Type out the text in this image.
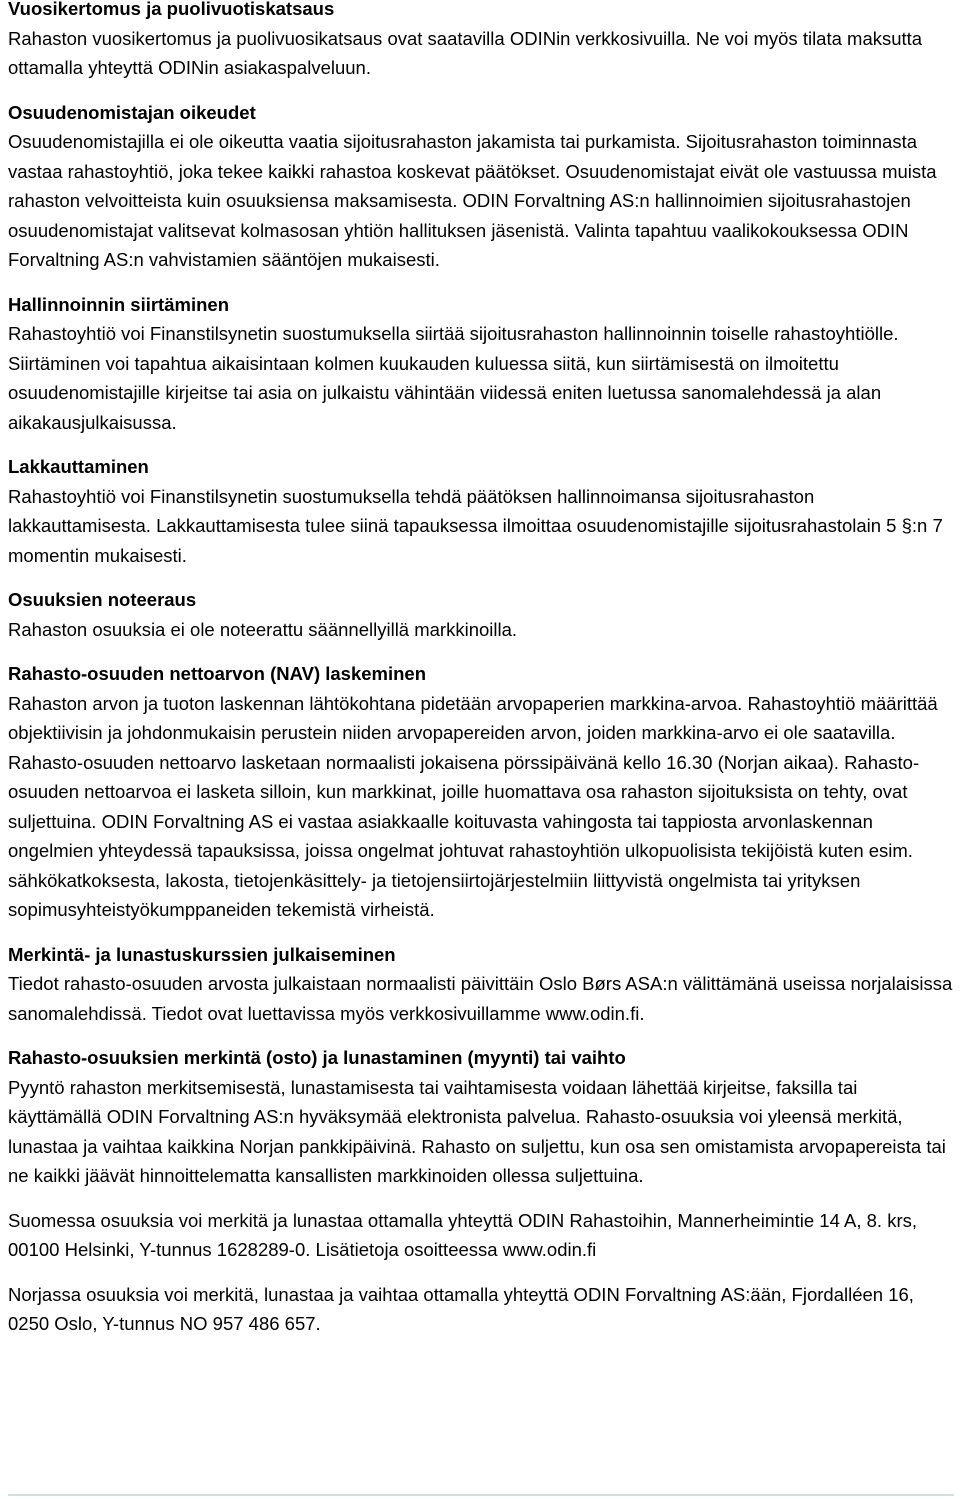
Vuosikertomus ja puolivuotiskatsaus

Rahaston vuosikertomus ja puolivuosikatsaus ovat saatavilla ODINin verkkosivuilla. Ne voi myös tilata maksutta ottamalla yhteyttä ODINin asiakaspalveluun.

Osuudenomistajan oikeudet

Osuudenomistajilla ei ole oikeutta vaatia sijoitusrahaston jakamista tai purkamista. Sijoitusrahaston toiminnasta vastaa rahastoyhtiö, joka tekee kaikki rahastoa koskevat päätökset. Osuudenomistajat eivät ole vastuussa muista rahaston velvoitteista kuin osuuksiensa maksamisesta. ODIN Forvaltning AS:n hallinnoimien sijoitusrahastojen osuudenomistajat valitsevat kolmasosan yhtiön hallituksen jäsenistä. Valinta tapahtuu vaalikokouksessa ODIN Forvaltning AS:n vahvistamien sääntöjen mukaisesti.

Hallinnoinnin siirtäminen

Rahastoyhtiö voi Finanstilsynetin suostumuksella siirtää sijoitusrahaston hallinnoinnin toiselle rahastoyhtiölle. Siirtäminen voi tapahtua aikaisintaan kolmen kuukauden kuluessa siitä, kun siirtämisestä on ilmoitettu osuudenomistajille kirjeitse tai asia on julkaistu vähintään viidessä eniten luetussa sanomalehdessä ja alan aikakausjulkaisussa.

Lakkauttaminen

Rahastoyhtiö voi Finanstilsynetin suostumuksella tehdä päätöksen hallinnoimansa sijoitusrahaston lakkauttamisesta. Lakkauttamisesta tulee siinä tapauksessa ilmoittaa osuudenomistajille sijoitusrahastolain 5 §:n 7 momentin mukaisesti.

Osuuksien noteeraus

Rahaston osuuksia ei ole noteerattu säännellyillä markkinoilla.

Rahasto-osuuden nettoarvon (NAV) laskeminen

Rahaston arvon ja tuoton laskennan lähtökohtana pidetään arvopaperien markkina-arvoa. Rahastoyhtiö määrittää objektiivisin ja johdonmukaisin perustein niiden arvopapereiden arvon, joiden markkina-arvo ei ole saatavilla. Rahasto-osuuden nettoarvo lasketaan normaalisti jokaisena pörssipäivänä kello 16.30 (Norjan aikaa). Rahasto-osuuden nettoarvoa ei lasketa silloin, kun markkinat, joille huomattava osa rahaston sijoituksista on tehty, ovat suljettuina. ODIN Forvaltning AS ei vastaa asiakkaalle koituvasta vahingosta tai tappiosta arvonlaskennan ongelmien yhteydessä tapauksissa, joissa ongelmat johtuvat rahastoyhtiön ulkopuolisista tekijöistä kuten esim. sähkökatkoksesta, lakosta, tietojenkäsittely- ja tietojensiirtojärjestelmiin liittyvistä ongelmista tai yrityksen sopimusyhteistyökumppaneiden tekemistä virheistä.

Merkintä- ja lunastuskurssien julkaiseminen

Tiedot rahasto-osuuden arvosta julkaistaan normaalisti päivittäin Oslo Børs ASA:n välittämänä useissa norjalaisissa sanomalehdissä. Tiedot ovat luettavissa myös verkkosivuillamme www.odin.fi.

Rahasto-osuuksien merkintä (osto) ja lunastaminen (myynti) tai vaihto

Pyyntö rahaston merkitsemisestä, lunastamisesta tai vaihtamisesta voidaan lähettää kirjeitse, faksilla tai käyttämällä ODIN Forvaltning AS:n hyväksymää elektronista palvelua. Rahasto-osuuksia voi yleensä merkitä, lunastaa ja vaihtaa kaikkina Norjan pankkipäivinä. Rahasto on suljettu, kun osa sen omistamista arvopapereista tai ne kaikki jäävät hinnoittelematta kansallisten markkinoiden ollessa suljettuina.

Suomessa osuuksia voi merkitä ja lunastaa ottamalla yhteyttä ODIN Rahastoihin, Mannerheimintie 14 A, 8. krs, 00100 Helsinki, Y-tunnus 1628289-0. Lisätietoja osoitteessa www.odin.fi

Norjassa osuuksia voi merkitä, lunastaa ja vaihtaa ottamalla yhteyttä ODIN Forvaltning AS:ään, Fjordalléen 16, 0250 Oslo, Y-tunnus NO 957 486 657.
